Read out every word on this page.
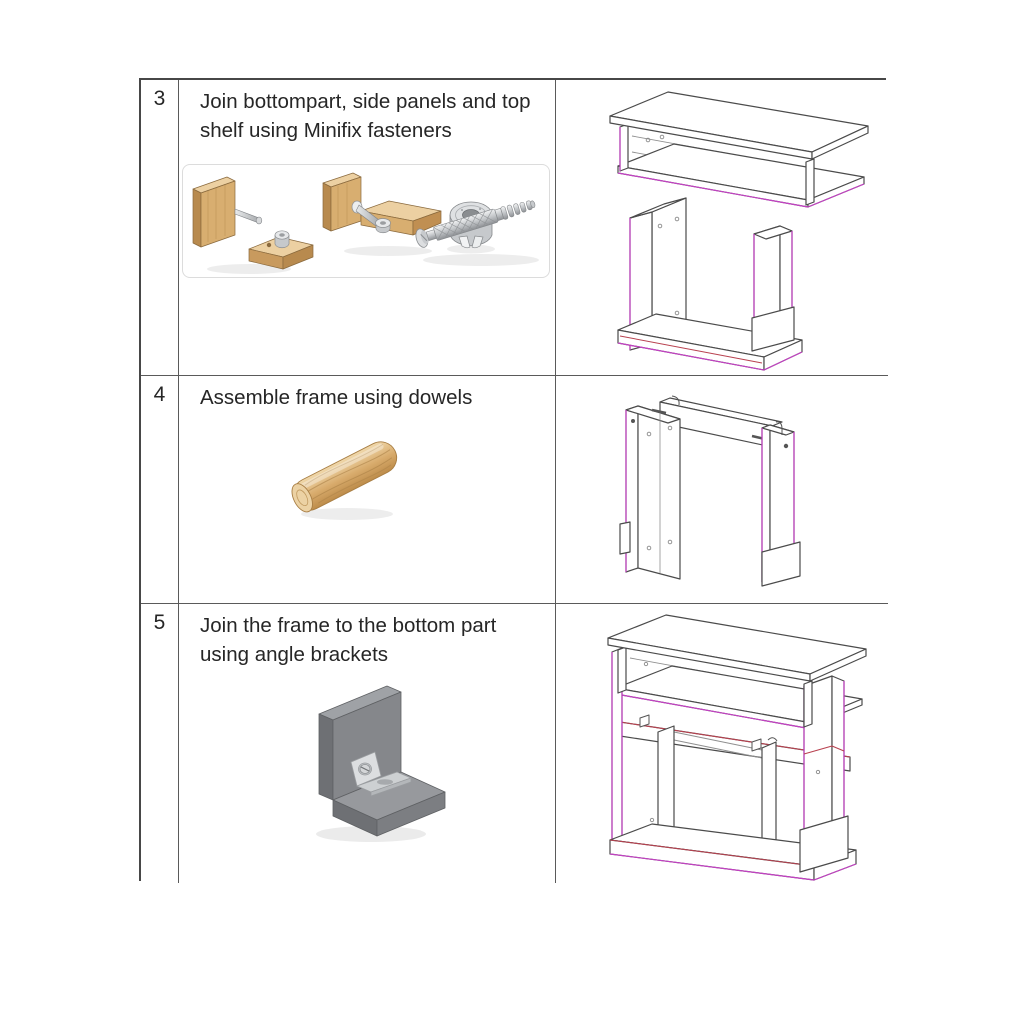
3	Join bottompart, side panels and top
shelf using Minifix fasteners
4	Assemble frame using dowels
5	Join the frame to the bottom part
using angle brackets
